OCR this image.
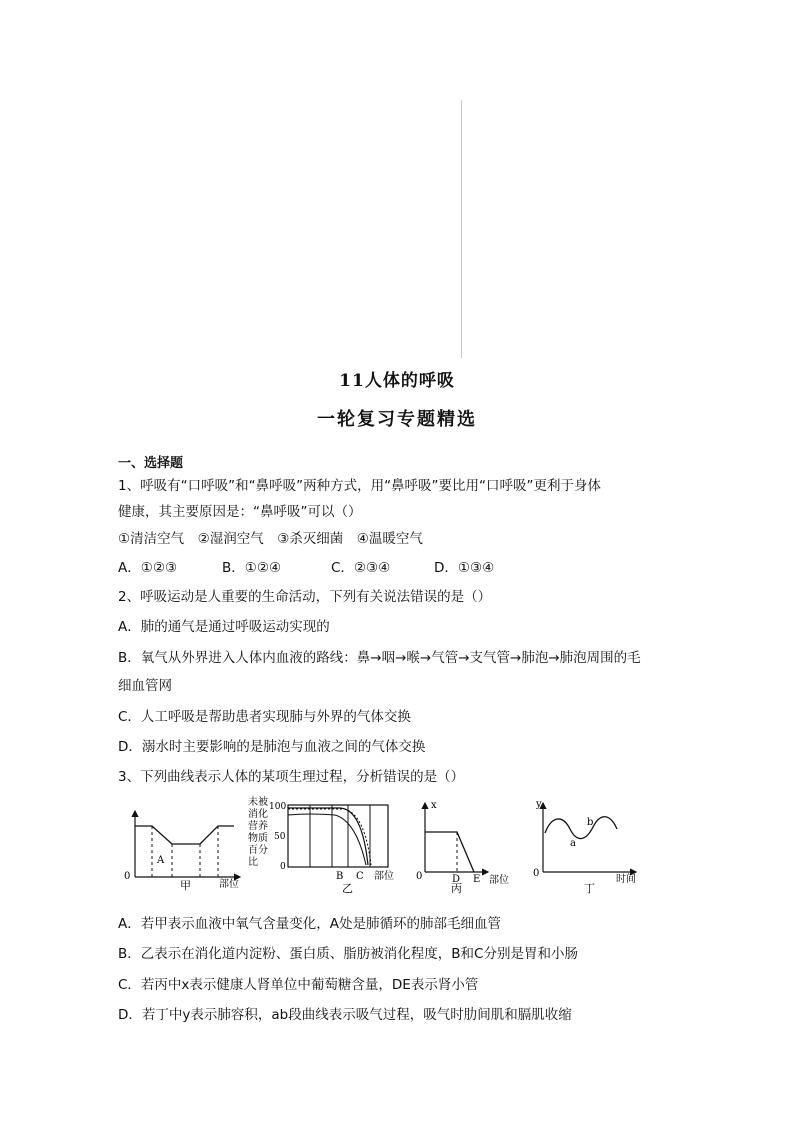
11人体的呼吸
一轮复习专题精选
一、选择题
1、呼吸有“口呼吸”和“鼻呼吸”两种方式，用“鼻呼吸”要比用“口呼吸”更利于身体
健康，其主要原因是：“鼻呼吸”可以（）
①清洁空气　②湿润空气　③杀灭细菌　④温暖空气
A．①②③	B．①②④	C．②③④	D．①③④
2、呼吸运动是人重要的生命活动，下列有关说法错误的是（）
A．肺的通气是通过呼吸运动实现的
B．氧气从外界进入人体内血液的路线：鼻→咽→喉→气管→支气管→肺泡→肺泡周围的毛
细血管网
C．人工呼吸是帮助患者实现肺与外界的气体交换
D．溺水时主要影响的是肺泡与血液之间的气体交换
3、下列曲线表示人体的某项生理过程，分析错误的是（）
0
A
甲	部位
未被
消化
营养
物质
百分
比
100
50
0
B C 部位
乙
x
0	D E 部位
丙
y
0
a
b
时间
丁
A．若甲表示血液中氧气含量变化，A处是肺循环的肺部毛细血管
B．乙表示在消化道内淀粉、蛋白质、脂肪被消化程度，B和C分别是胃和小肠
C．若丙中x表示健康人肾单位中葡萄糖含量，DE表示肾小管
D．若丁中y表示肺容积，ab段曲线表示吸气过程，吸气时肋间肌和膈肌收缩
